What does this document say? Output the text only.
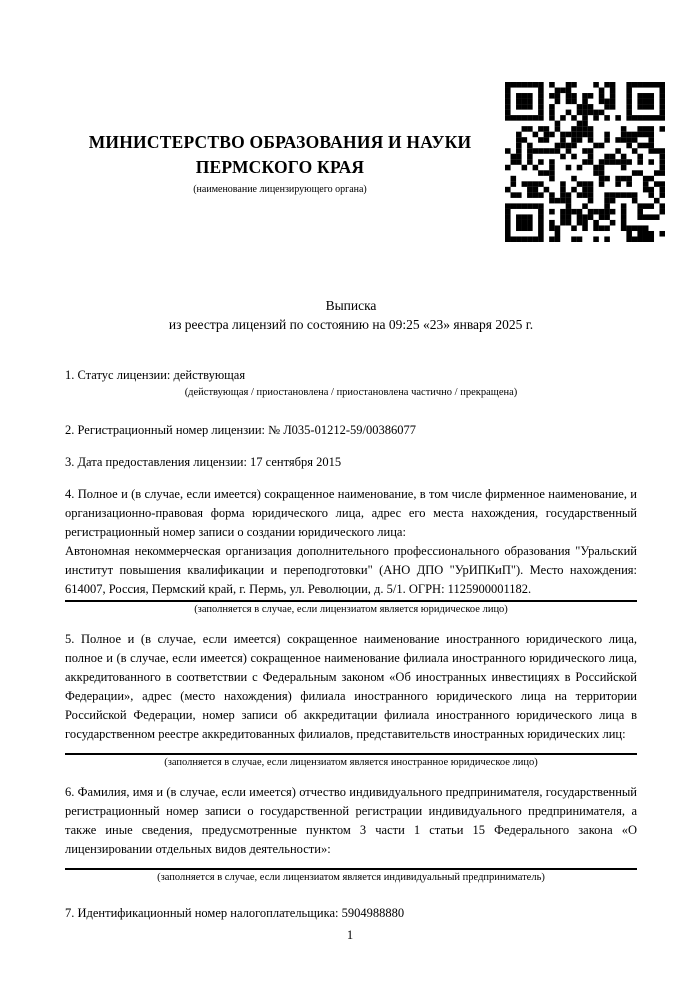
МИНИСТЕРСТВО ОБРАЗОВАНИЯ И НАУКИ
ПЕРМСКОГО КРАЯ
(наименование лицензирующего органа)
Выписка
из реестра лицензий по состоянию на 09:25 «23» января 2025 г.
1. Статус лицензии: действующая
(действующая / приостановлена / приостановлена частично / прекращена)
2. Регистрационный номер лицензии: № Л035-01212-59/00386077
3. Дата предоставления лицензии: 17 сентября 2015

4. Полное и (в случае, если имеется) сокращенное наименование, в том числе фирменное наименование, и организационно-правовая форма юридического лица, адрес его места нахождения, государственный регистрационный номер записи о создании юридического лица:

Автономная некоммерческая организация дополнительного профессионального образования "Уральский институт повышения квалификации и переподготовки" (АНО ДПО "УрИПКиП"). Место нахождения: 614007, Россия, Пермский край, г. Пермь, ул. Революции, д. 5/1. ОГРН: 1125900001182.

(заполняется в случае, если лицензиатом является юридическое лицо)

5. Полное и (в случае, если имеется) сокращенное наименование иностранного юридического лица, полное и (в случае, если имеется) сокращенное наименование филиала иностранного юридического лица, аккредитованного в соответствии с Федеральным законом «Об иностранных инвестициях в Российской Федерации», адрес (место нахождения) филиала иностранного юридического лица на территории Российской Федерации, номер записи об аккредитации филиала иностранного юридического лица в государственном реестре аккредитованных филиалов, представительств иностранных юридических лиц:

(заполняется в случае, если лицензиатом является иностранное юридическое лицо)

6. Фамилия, имя и (в случае, если имеется) отчество индивидуального предпринимателя, государственный регистрационный номер записи о государственной регистрации индивидуального предпринимателя, а также иные сведения, предусмотренные пунктом 3 части 1 статьи 15 Федерального закона «О лицензировании отдельных видов деятельности»:

(заполняется в случае, если лицензиатом является индивидуальный предприниматель)
7. Идентификационный номер налогоплательщика: 5904988880
1
